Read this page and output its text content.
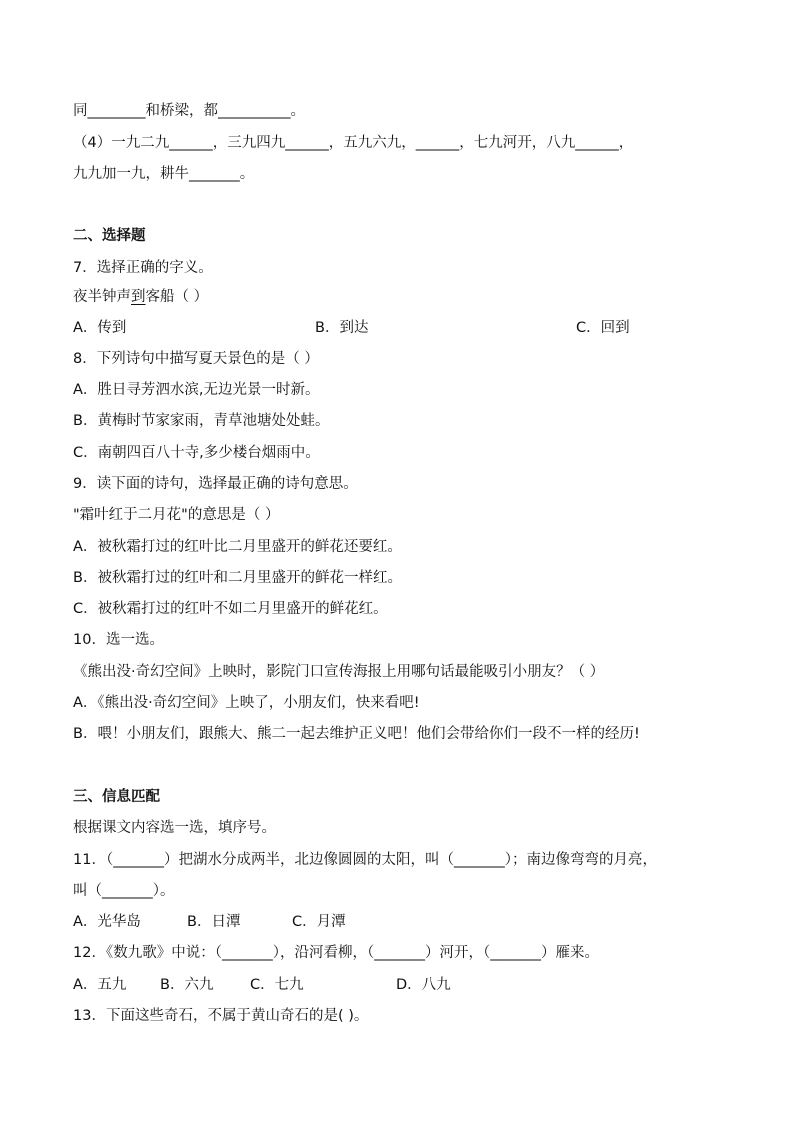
同________和桥梁，都__________。
（4）一九二九______，三九四九______，五九六九，______，七九河开，八九______，
九九加一九，耕牛_______。
二、选择题
7．选择正确的字义。
夜半钟声到客船（ ）
A．传到	B．到达	C．回到
8．下列诗句中描写夏天景色的是（ ）
A．胜日寻芳泗水滨,无边光景一时新。
B．黄梅时节家家雨，青草池塘处处蛙。
C．南朝四百八十寺,多少楼台烟雨中。
9．读下面的诗句，选择最正确的诗句意思。
"霜叶红于二月花"的意思是（ ）
A．被秋霜打过的红叶比二月里盛开的鲜花还要红。
B．被秋霜打过的红叶和二月里盛开的鲜花一样红。
C．被秋霜打过的红叶不如二月里盛开的鲜花红。
10．选一选。
《熊出没·奇幻空间》上映时，影院门口宣传海报上用哪句话最能吸引小朋友？（ ）
A．《熊出没·奇幻空间》上映了，小朋友们，快来看吧!
B．喂！小朋友们，跟熊大、熊二一起去维护正义吧！他们会带给你们一段不一样的经历!
三、信息匹配
根据课文内容选一选，填序号。
11．（_______）把湖水分成两半，北边像圆圆的太阳，叫（_______）；南边像弯弯的月亮，
叫（_______）。
A．光华岛	B．日潭	C．月潭
12．《数九歌》中说：（_______），沿河看柳，（_______）河开，（_______）雁来。
A．五九 B．六九	C．七九	D．八九
13．下面这些奇石，不属于黄山奇石的是( )。
